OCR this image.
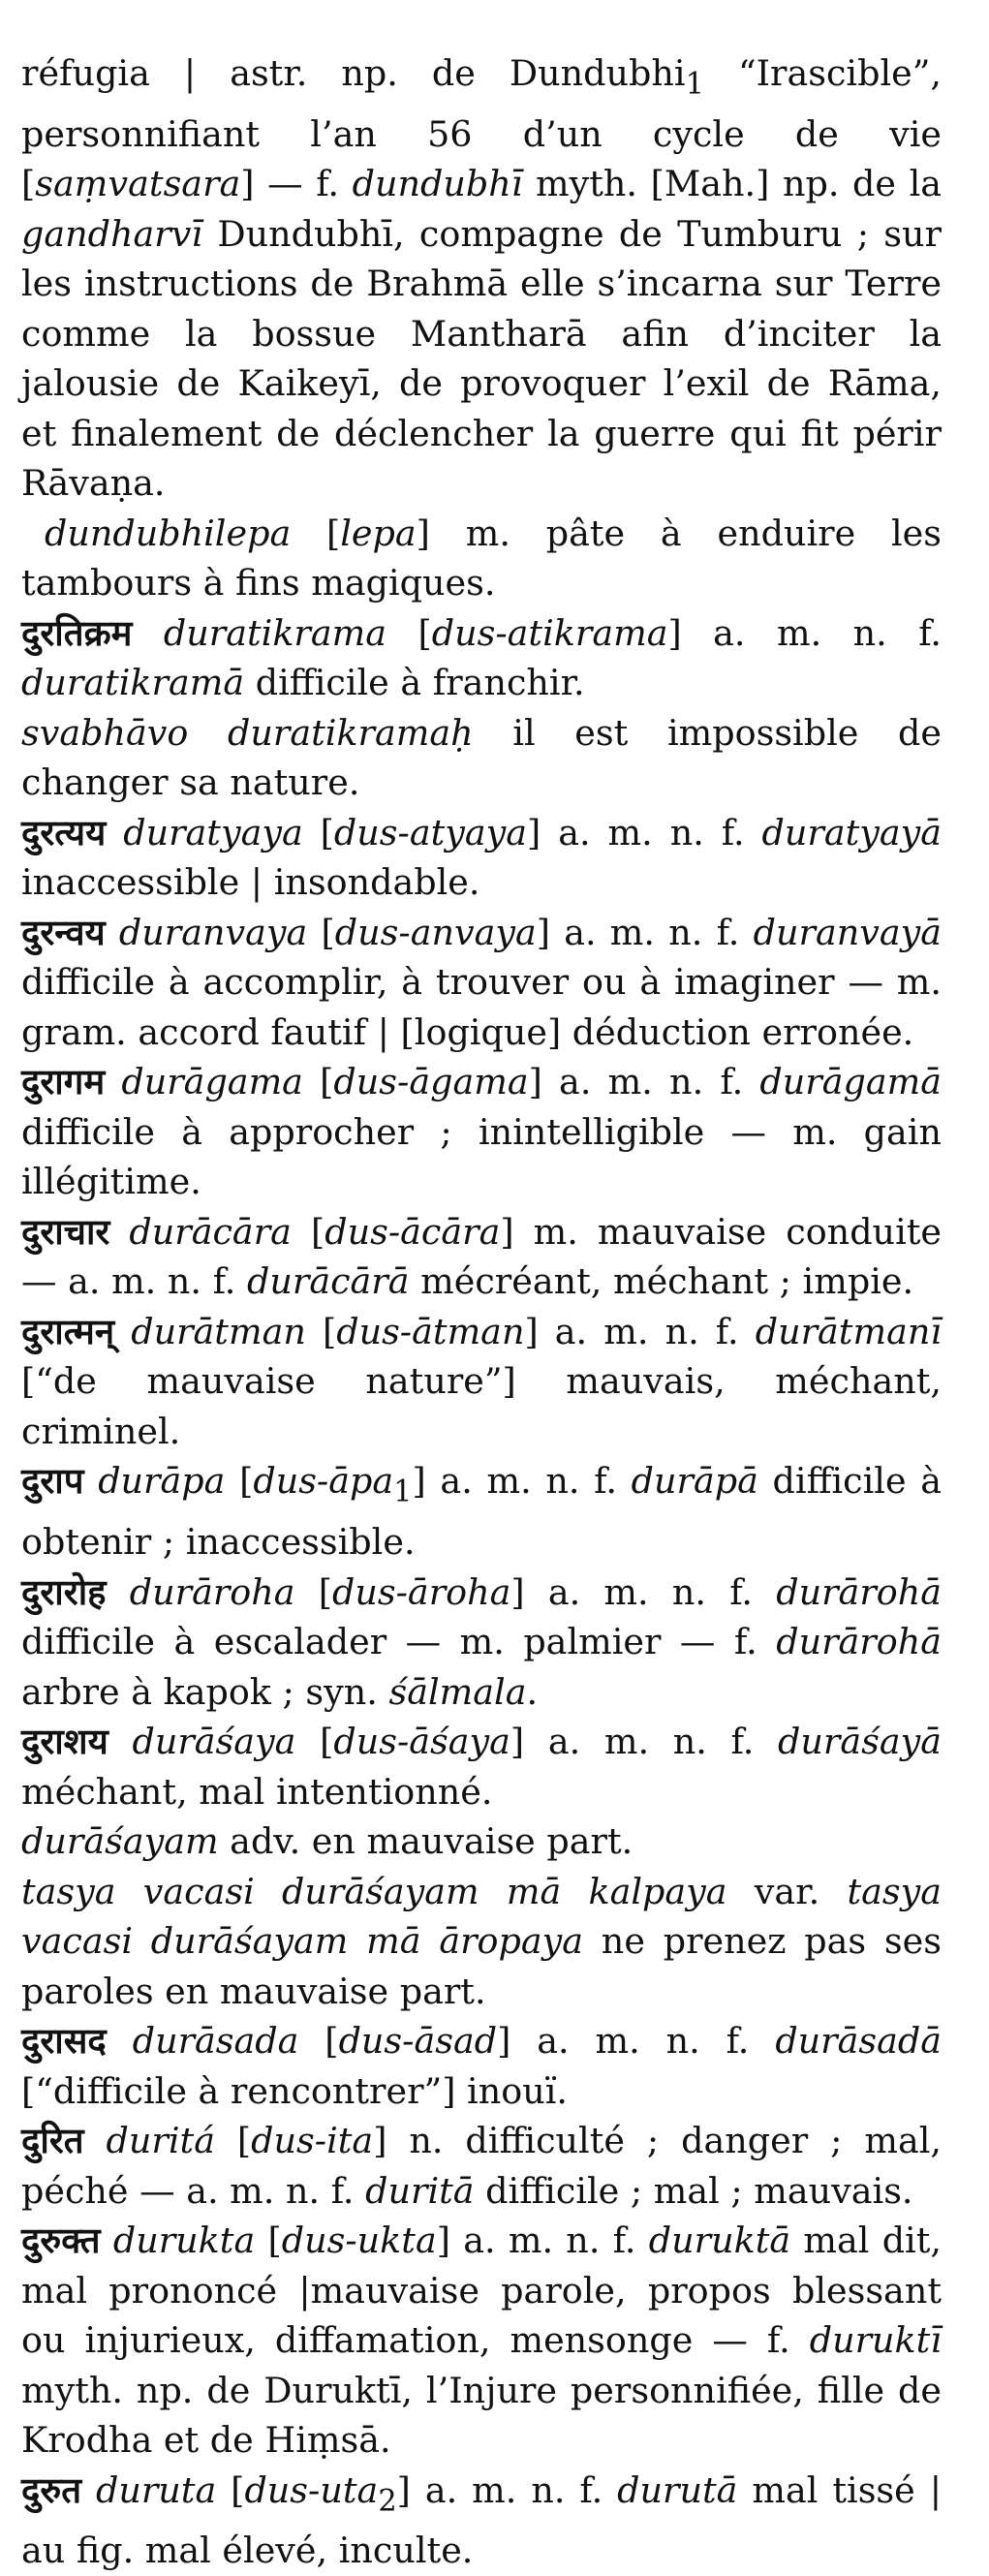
réfugia | astr. np. de Dundubhi$_1$ “Irascible”, personnifiant l’an 56 d’un cycle de vie [saṃvatsara] — f. dundubhī myth. [Mah.] np. de la gandharvī Dundubhī, compagne de Tumburu ; sur les instructions de Brahmā elle s’incarna sur Terre comme la bossue Mantharā afin d’inciter la jalousie de Kaikeyī, de provoquer l’exil de Rāma, et finalement de déclencher la guerre qui fit périr Rāvaṇa.

dundubhilepa [lepa] m. pâte à enduire les tambours à fins magiques.

दुरतिक्रम duratikrama [dus-atikrama] a. m. n. f. duratikramā difficile à franchir.

svabhāvo duratikramaḥ il est impossible de changer sa nature.

दुरत्यय duratyaya [dus-atyaya] a. m. n. f. duratyayā inaccessible | insondable.

दुरन्वय duranvaya [dus-anvaya] a. m. n. f. duranvayā difficile à accomplir, à trouver ou à imaginer — m. gram. accord fautif | [logique] déduction erronée.

दुरागम durāgama [dus-āgama] a. m. n. f. durāgamā difficile à approcher ; inintelligible — m. gain illégitime.

दुराचार durācāra [dus-ācāra] m. mauvaise conduite — a. m. n. f. durācārā mécréant, méchant ; impie.

दुरात्मन् durātman [dus-ātman] a. m. n. f. durātmanī [“de mauvaise nature”] mauvais, méchant, criminel.

दुराप durāpa [dus-āpa$_1$] a. m. n. f. durāpā difficile à obtenir ; inaccessible.

दुरारोह durāroha [dus-āroha] a. m. n. f. durārohā difficile à escalader — m. palmier — f. durārohā arbre à kapok ; syn. śālmala.

दुराशय durāśaya [dus-āśaya] a. m. n. f. durāśayā méchant, mal intentionné.

durāśayam adv. en mauvaise part.

tasya vacasi durāśayam mā kalpaya var. tasya vacasi durāśayam mā āropaya ne prenez pas ses paroles en mauvaise part.

दुरासद durāsada [dus-āsad] a. m. n. f. durāsadā [“difficile à rencontrer”] inouï.

दुरित duritá [dus-ita] n. difficulté ; danger ; mal, péché — a. m. n. f. duritā difficile ; mal ; mauvais.

दुरुक्त durukta [dus-ukta] a. m. n. f. duruktā mal dit, mal prononcé |mauvaise parole, propos blessant ou injurieux, diffamation, mensonge — f. duruktī myth. np. de Duruktī, l’Injure personnifiée, fille de Krodha et de Hiṃsā.

दुरुत duruta [dus-uta$_2$] a. m. n. f. durutā mal tissé | au fig. mal élevé, inculte.
